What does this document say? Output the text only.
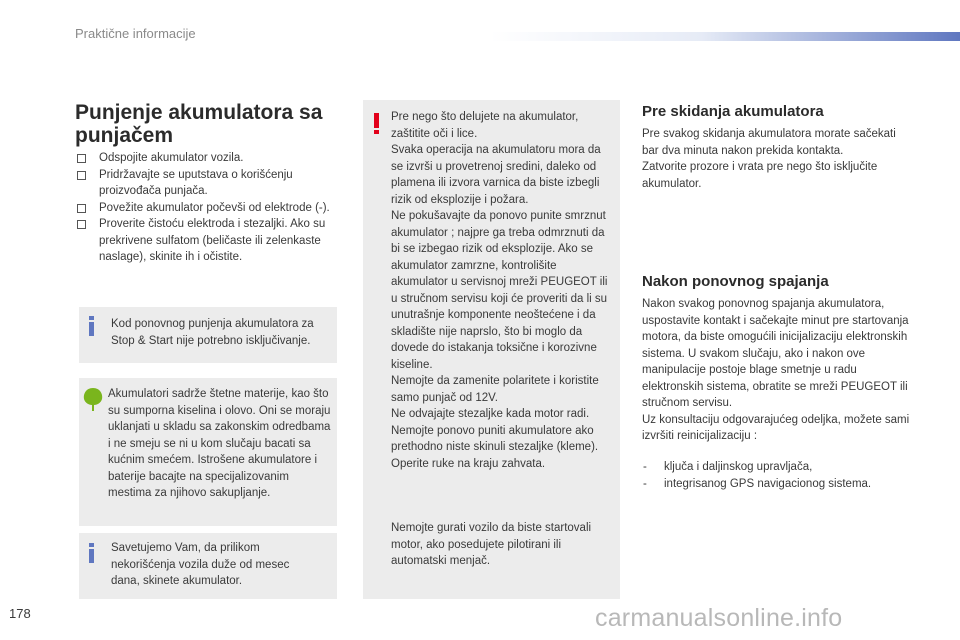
Praktične informacije
Punjenje akumulatora sa punjačem
Odspojite akumulator vozila.
Pridržavajte se uputstava o korišćenju proizvođača punjača.
Povežite akumulator počevši od elektrode (-).
Proverite čistoću elektroda i stezaljki. Ako su prekrivene sulfatom (beličaste ili zelenkaste naslage), skinite ih i očistite.
Kod ponovnog punjenja akumulatora za Stop & Start nije potrebno isključivanje.
Akumulatori sadrže štetne materije, kao što su sumporna kiselina i olovo. Oni se moraju uklanjati u skladu sa zakonskim odredbama i ne smeju se ni u kom slučaju bacati sa kućnim smećem. Istrošene akumulatore i baterije bacajte na specijalizovanim mestima za njihovo sakupljanje.
Savetujemo Vam, da prilikom nekorišćenja vozila duže od mesec dana, skinete akumulator.
Pre nego što delujete na akumulator, zaštitite oči i lice.
Svaka operacija na akumulatoru mora da se izvrši u provetrenoj sredini, daleko od plamena ili izvora varnica da biste izbegli rizik od eksplozije i požara.
Ne pokušavajte da ponovo punite smrznut akumulator ; najpre ga treba odmrznuti da bi se izbegao rizik od eksplozije. Ako se akumulator zamrzne, kontrolišite akumulator u servisnoj mreži PEUGEOT ili u stručnom servisu koji će proveriti da li su unutrašnje komponente neoštećene i da skladište nije naprslo, što bi moglo da dovede do istakanja toksične i korozivne kiseline.
Nemojte da zamenite polaritete i koristite samo punjač od 12V.
Ne odvajajte stezaljke kada motor radi.
Nemojte ponovo puniti akumulatore ako prethodno niste skinuli stezaljke (kleme).
Operite ruke na kraju zahvata.
Nemojte gurati vozilo da biste startovali motor, ako posedujete pilotirani ili automatski menjač.
Pre skidanja akumulatora
Pre svakog skidanja akumulatora morate sačekati bar dva minuta nakon prekida kontakta.
Zatvorite prozore i vrata pre nego što isključite akumulator.
Nakon ponovnog spajanja
Nakon svakog ponovnog spajanja akumulatora, uspostavite kontakt i sačekajte minut pre startovanja motora, da biste omogućili inicijalizaciju elektronskih sistema. U svakom slučaju, ako i nakon ove manipulacije postoje blage smetnje u radu elektronskih sistema, obratite se mreži PEUGEOT ili stručnom servisu.
Uz konsultaciju odgovarajućeg odeljka, možete sami izvršiti reinicijalizaciju :
- ključa i daljinskog upravljača,
- integrisanog GPS navigacionog sistema.
178	carmanualsonline.info
